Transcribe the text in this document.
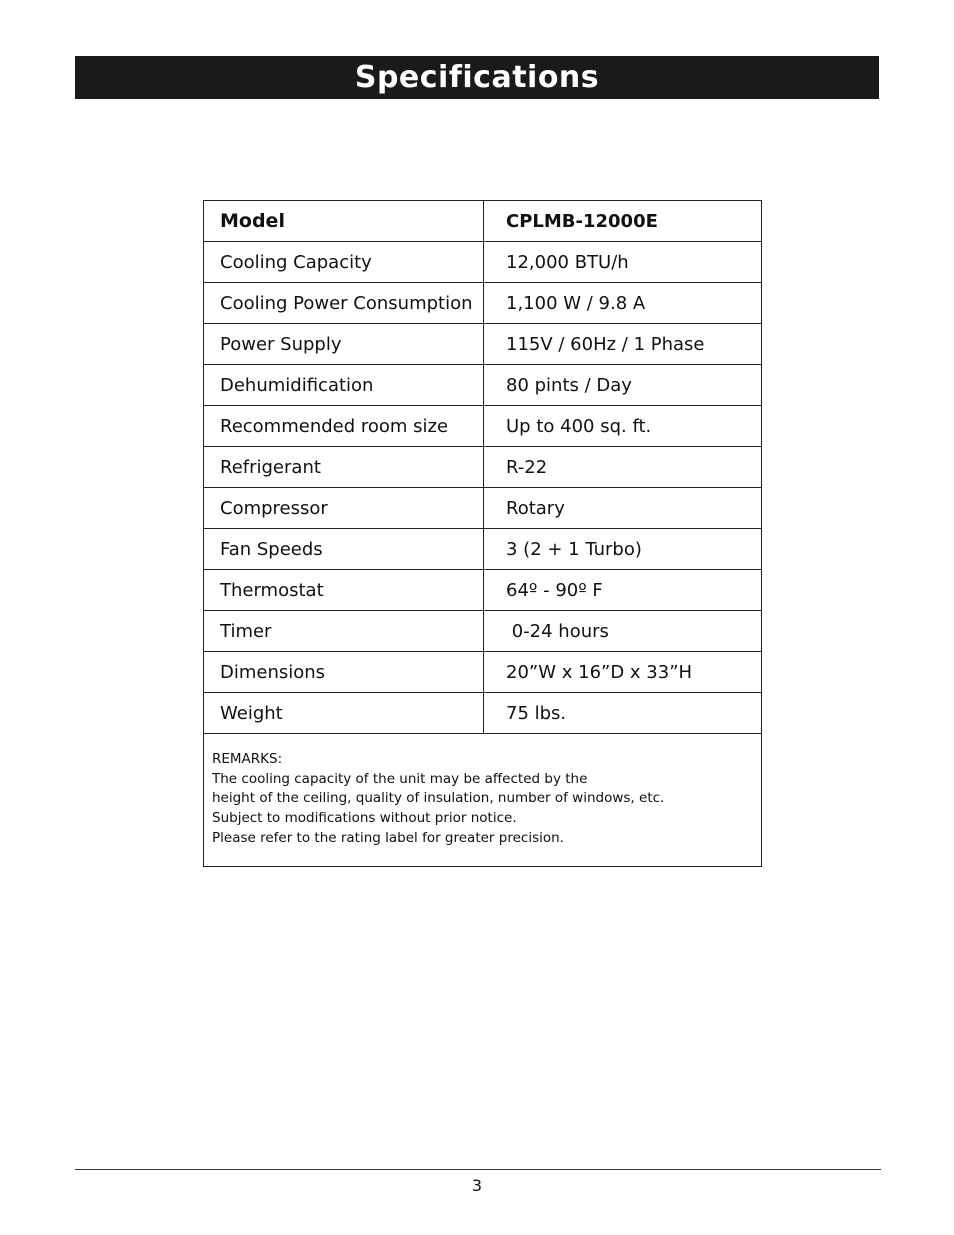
Specifications
Model	CPLMB-12000E
Cooling Capacity	12,000 BTU/h
Cooling Power Consumption	1,100 W / 9.8 A
Power Supply	115V / 60Hz / 1 Phase
Dehumidification	80 pints / Day
Recommended room size	Up to 400 sq. ft.
Refrigerant	R-22
Compressor	Rotary
Fan Speeds	3 (2 + 1 Turbo)
Thermostat	64º - 90º F
Timer	0-24 hours
Dimensions	20”W x 16”D x 33”H
Weight	75 lbs.

REMARKS:
The cooling capacity of the unit may be affected by the
height of the ceiling, quality of insulation, number of windows, etc.
Subject to modifications without prior notice.
Please refer to the rating label for greater precision.	
3
